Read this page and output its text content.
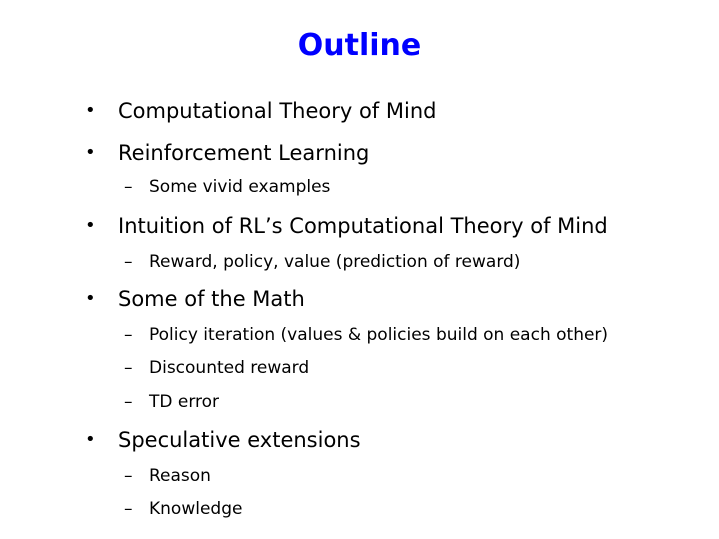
Outline
•	Computational Theory of Mind
•	Reinforcement Learning
– Some vivid examples
•	Intuition of RL’s Computational Theory of Mind
– Reward, policy, value (prediction of reward)
•	Some of the Math
– Policy iteration (values & policies build on each other)
– Discounted reward
– TD error
•	Speculative extensions
– Reason
– Knowledge
